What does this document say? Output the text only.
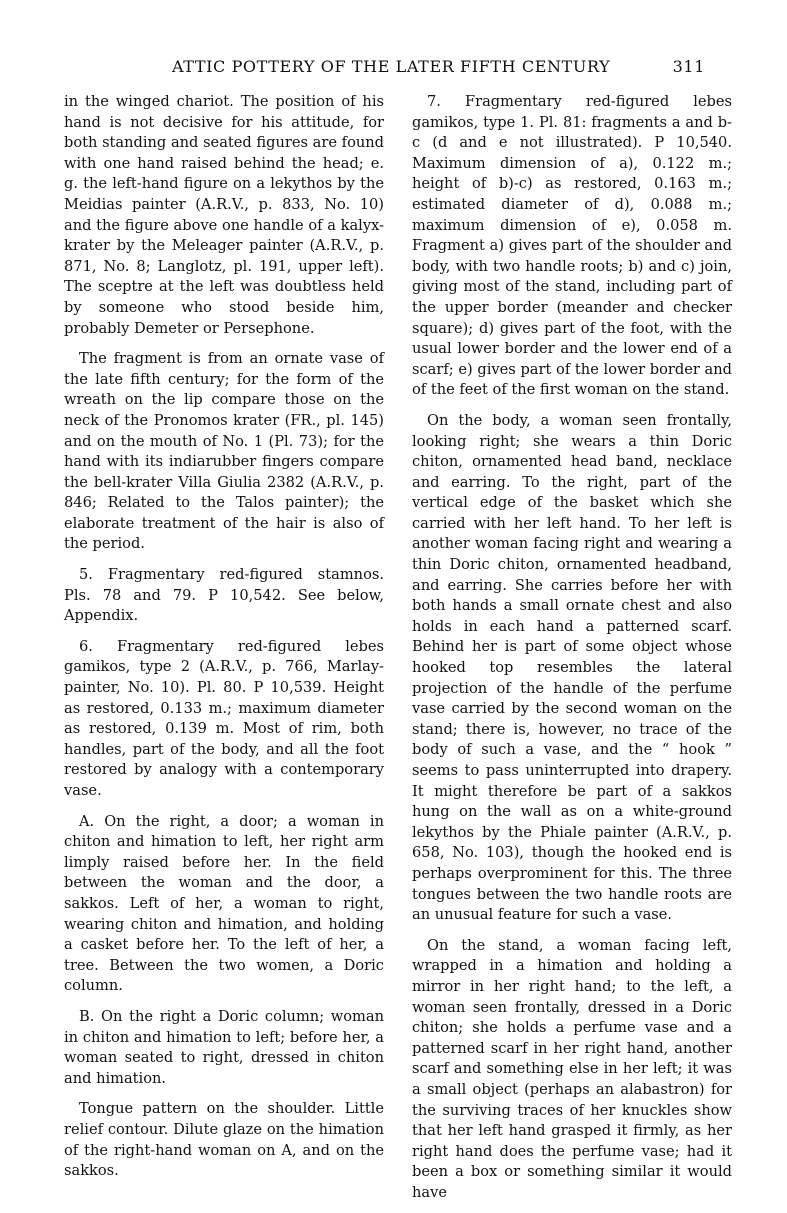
ATTIC POTTERY OF THE LATER FIFTH CENTURY	311

in the winged chariot. The position of his hand is not decisive for his attitude, for both standing and seated figures are found with one hand raised behind the head; e. g. the left-hand figure on a lekythos by the Meidias painter (A.R.V., p. 833, No. 10) and the figure above one handle of a kalyx-krater by the Meleager painter (A.R.V., p. 871, No. 8; Langlotz, pl. 191, upper left). The sceptre at the left was doubtless held by someone who stood beside him, probably Demeter or Persephone.

The fragment is from an ornate vase of the late fifth century; for the form of the wreath on the lip compare those on the neck of the Pronomos krater (FR., pl. 145) and on the mouth of No. 1 (Pl. 73); for the hand with its indiarubber fingers compare the bell-krater Villa Giulia 2382 (A.R.V., p. 846; Related to the Talos painter); the elaborate treatment of the hair is also of the period.

5. Fragmentary red-figured stamnos. Pls. 78 and 79. P 10,542. See below, Appendix.

6. Fragmentary red-figured lebes gamikos, type 2 (A.R.V., p. 766, Marlay-painter, No. 10). Pl. 80. P 10,539. Height as restored, 0.133 m.; maximum diameter as restored, 0.139 m. Most of rim, both handles, part of the body, and all the foot restored by analogy with a contemporary vase.

A. On the right, a door; a woman in chiton and himation to left, her right arm limply raised before her. In the field between the woman and the door, a sakkos. Left of her, a woman to right, wearing chiton and himation, and holding a casket before her. To the left of her, a tree. Between the two women, a Doric column.

B. On the right a Doric column; woman in chiton and himation to left; before her, a woman seated to right, dressed in chiton and himation.

Tongue pattern on the shoulder. Little relief contour. Dilute glaze on the himation of the right-hand woman on A, and on the sakkos.

7. Fragmentary red-figured lebes gamikos, type 1. Pl. 81: fragments a and b-c (d and e not illustrated). P 10,540. Maximum dimension of a), 0.122 m.; height of b)-c) as restored, 0.163 m.; estimated diameter of d), 0.088 m.; maximum dimension of e), 0.058 m. Fragment a) gives part of the shoulder and body, with two handle roots; b) and c) join, giving most of the stand, including part of the upper border (meander and checker square); d) gives part of the foot, with the usual lower border and the lower end of a scarf; e) gives part of the lower border and of the feet of the first woman on the stand.

On the body, a woman seen frontally, looking right; she wears a thin Doric chiton, ornamented head band, necklace and earring. To the right, part of the vertical edge of the basket which she carried with her left hand. To her left is another woman facing right and wearing a thin Doric chiton, ornamented headband, and earring. She carries before her with both hands a small ornate chest and also holds in each hand a patterned scarf. Behind her is part of some object whose hooked top resembles the lateral projection of the handle of the perfume vase carried by the second woman on the stand; there is, however, no trace of the body of such a vase, and the “ hook ” seems to pass uninterrupted into drapery. It might therefore be part of a sakkos hung on the wall as on a white-ground lekythos by the Phiale painter (A.R.V., p. 658, No. 103), though the hooked end is perhaps overprominent for this. The three tongues between the two handle roots are an unusual feature for such a vase.

On the stand, a woman facing left, wrapped in a himation and holding a mirror in her right hand; to the left, a woman seen frontally, dressed in a Doric chiton; she holds a perfume vase and a patterned scarf in her right hand, another scarf and something else in her left; it was a small object (perhaps an alabastron) for the surviving traces of her knuckles show that her left hand grasped it firmly, as her right hand does the perfume vase; had it been a box or something similar it would have
